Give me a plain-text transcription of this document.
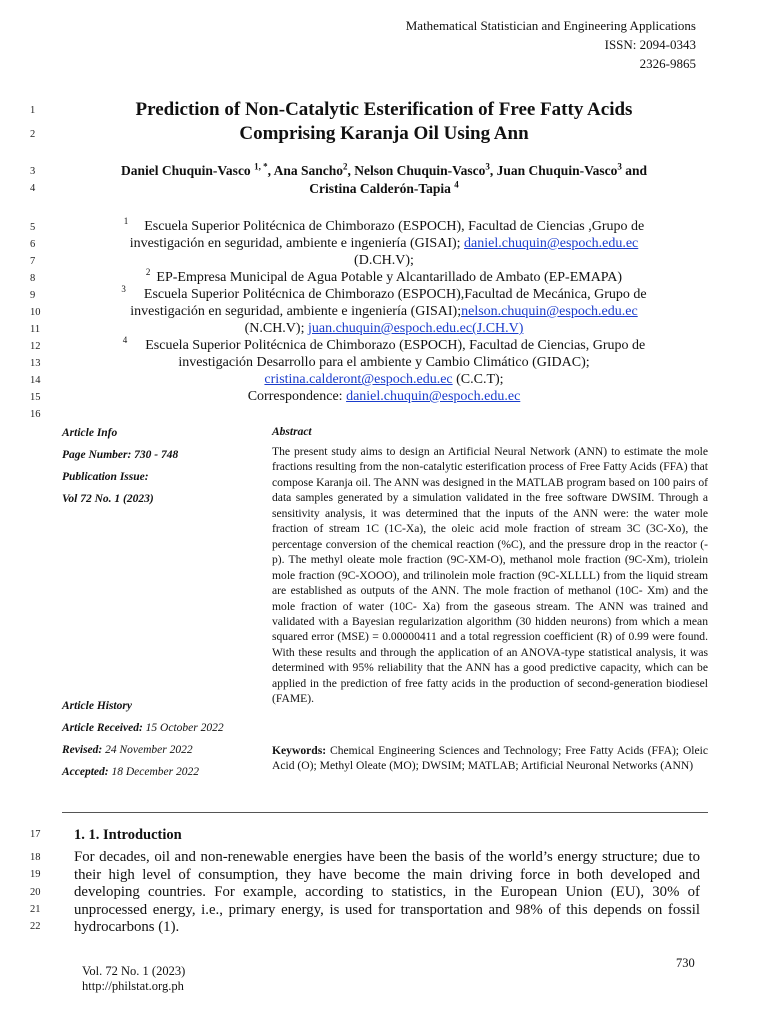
Mathematical Statistician and Engineering Applications
ISSN: 2094-0343
2326-9865
1
2
3
4
5
6
7
8
9
10
11
12
13
14
15
16
17
18
19
20
21
22
Prediction of Non-Catalytic Esterification of Free Fatty Acids
Comprising Karanja Oil Using Ann
Daniel Chuquin-Vasco $^{1, *}$, Ana Sancho$^2$, Nelson Chuquin-Vasco$^3$, Juan Chuquin-Vasco$^3$ and
Cristina Calderón-Tapia $^4$
$^1$ Escuela Superior Politécnica de Chimborazo (ESPOCH), Facultad de Ciencias ,Grupo de
investigación en seguridad, ambiente e ingeniería (GISAI); daniel.chuquin@espoch.edu.ec
(D.CH.V);
$^2$ EP-Empresa Municipal de Agua Potable y Alcantarillado de Ambato (EP-EMAPA)
$^3$ Escuela Superior Politécnica de Chimborazo (ESPOCH),Facultad de Mecánica, Grupo de
investigación en seguridad, ambiente e ingeniería (GISAI);nelson.chuquin@espoch.edu.ec
(N.CH.V); juan.chuquin@espoch.edu.ec(J.CH.V)
$^4$ Escuela Superior Politécnica de Chimborazo (ESPOCH), Facultad de Ciencias, Grupo de
investigación Desarrollo para el ambiente y Cambio Climático (GIDAC);
cristina.calderont@espoch.edu.ec (C.C.T);
Correspondence: daniel.chuquin@espoch.edu.ec
Article Info
Page Number: 730 - 748
Publication Issue:
Vol 72 No. 1 (2023)
Article History
Article Received: 15 October 2022
Revised: 24 November 2022
Accepted: 18 December 2022
Abstract
The present study aims to design an Artificial Neural Network (ANN) to estimate the mole fractions resulting from the non-catalytic esterification process of Free Fatty Acids (FFA) that compose Karanja oil. The ANN was designed in the MATLAB program based on 100 pairs of data samples generated by a simulation validated in the free software DWSIM. Through a sensitivity analysis, it was determined that the inputs of the ANN were: the water mole fraction of stream 1C (1C-Xa), the oleic acid mole fraction of stream 3C (3C-Xo), the percentage conversion of the chemical reaction (%C), and the pressure drop in the reactor (-p). The methyl oleate mole fraction (9C-XM-O), methanol mole fraction (9C-Xm), triolein mole fraction (9C-XOOO), and trilinolein mole fraction (9C-XLLLL) from the liquid stream are established as outputs of the ANN. The mole fraction of methanol (10C- Xm) and the mole fraction of water (10C- Xa) from the gaseous stream. The ANN was trained and validated with a Bayesian regularization algorithm (30 hidden neurons) from which a mean squared error (MSE) = 0.00000411 and a total regression coefficient (R) of 0.99 were found. With these results and through the application of an ANOVA-type statistical analysis, it was determined with 95% reliability that the ANN has a good predictive capacity, which can be applied in the prediction of free fatty acids in the production of second-generation biodiesel (FAME).
Keywords: Chemical Engineering Sciences and Technology; Free Fatty Acids (FFA); Oleic Acid (O); Methyl Oleate (MO); DWSIM; MATLAB; Artificial Neuronal Networks (ANN)
1. 1. Introduction
For decades, oil and non-renewable energies have been the basis of the world’s energy structure; due to their high level of consumption, they have become the main driving force in both developed and developing countries. For example, according to statistics, in the European Union (EU), 30% of unprocessed energy, i.e., primary energy, is used for transportation and 98% of this depends on fossil hydrocarbons (1).
Vol. 72 No. 1 (2023)
http://philstat.org.ph
730
